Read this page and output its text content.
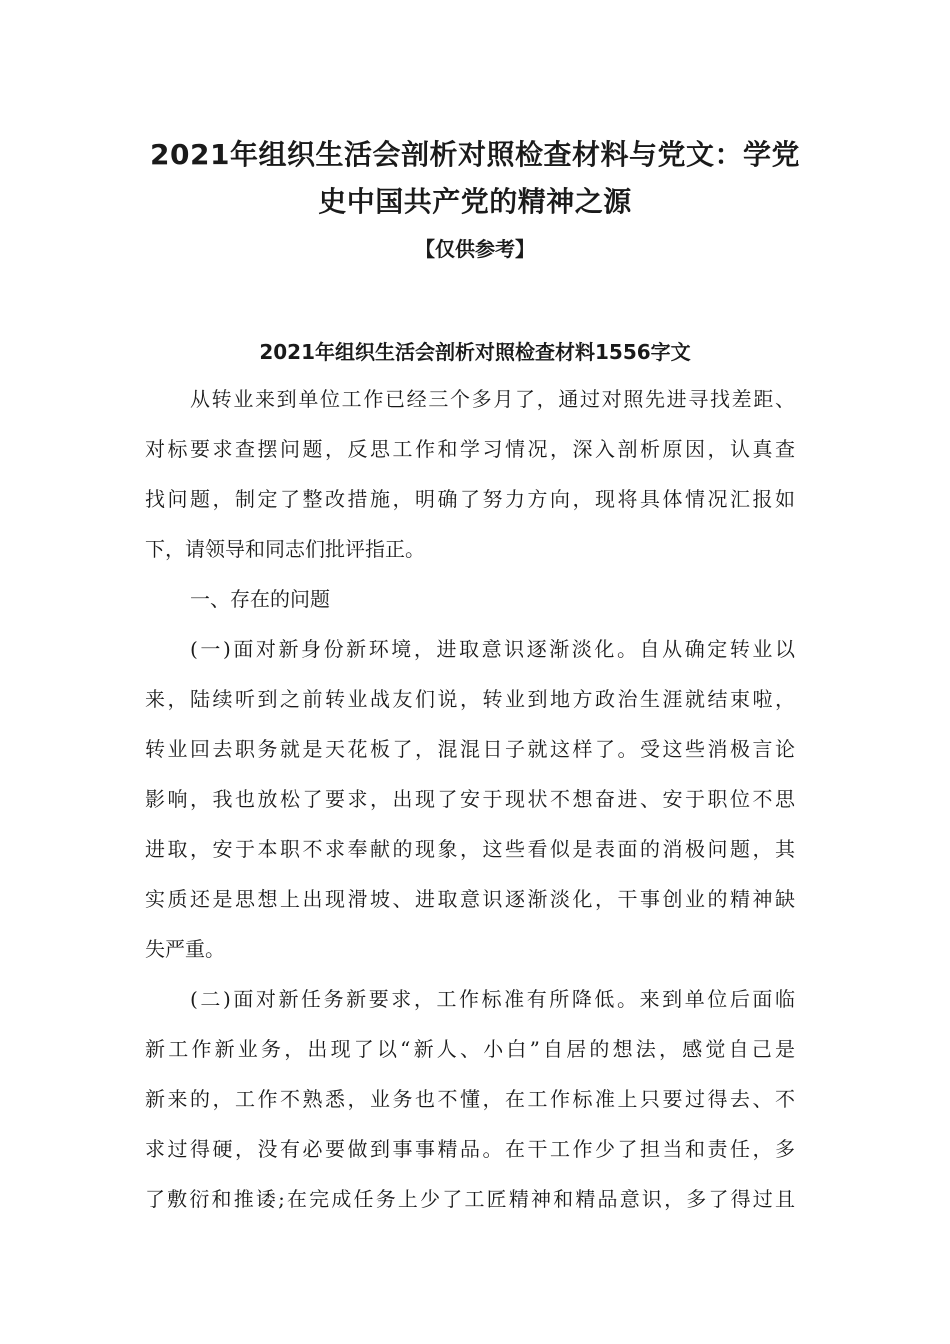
2021年组织生活会剖析对照检查材料与党文：学党
史中国共产党的精神之源
【仅供参考】
2021年组织生活会剖析对照检查材料1556字文
从转业来到单位工作已经三个多月了，通过对照先进寻找差距、
对标要求查摆问题，反思工作和学习情况，深入剖析原因，认真查
找问题，制定了整改措施，明确了努力方向，现将具体情况汇报如
下，请领导和同志们批评指正。
一、存在的问题
(一)面对新身份新环境，进取意识逐渐淡化。自从确定转业以
来，陆续听到之前转业战友们说，转业到地方政治生涯就结束啦，
转业回去职务就是天花板了，混混日子就这样了。受这些消极言论
影响，我也放松了要求，出现了安于现状不想奋进、安于职位不思
进取，安于本职不求奉献的现象，这些看似是表面的消极问题，其
实质还是思想上出现滑坡、进取意识逐渐淡化，干事创业的精神缺
失严重。
(二)面对新任务新要求，工作标准有所降低。来到单位后面临
新工作新业务，出现了以“新人、小白”自居的想法，感觉自己是
新来的，工作不熟悉，业务也不懂，在工作标准上只要过得去、不
求过得硬，没有必要做到事事精品。在干工作少了担当和责任，多
了敷衍和推诿;在完成任务上少了工匠精神和精品意识，多了得过且
